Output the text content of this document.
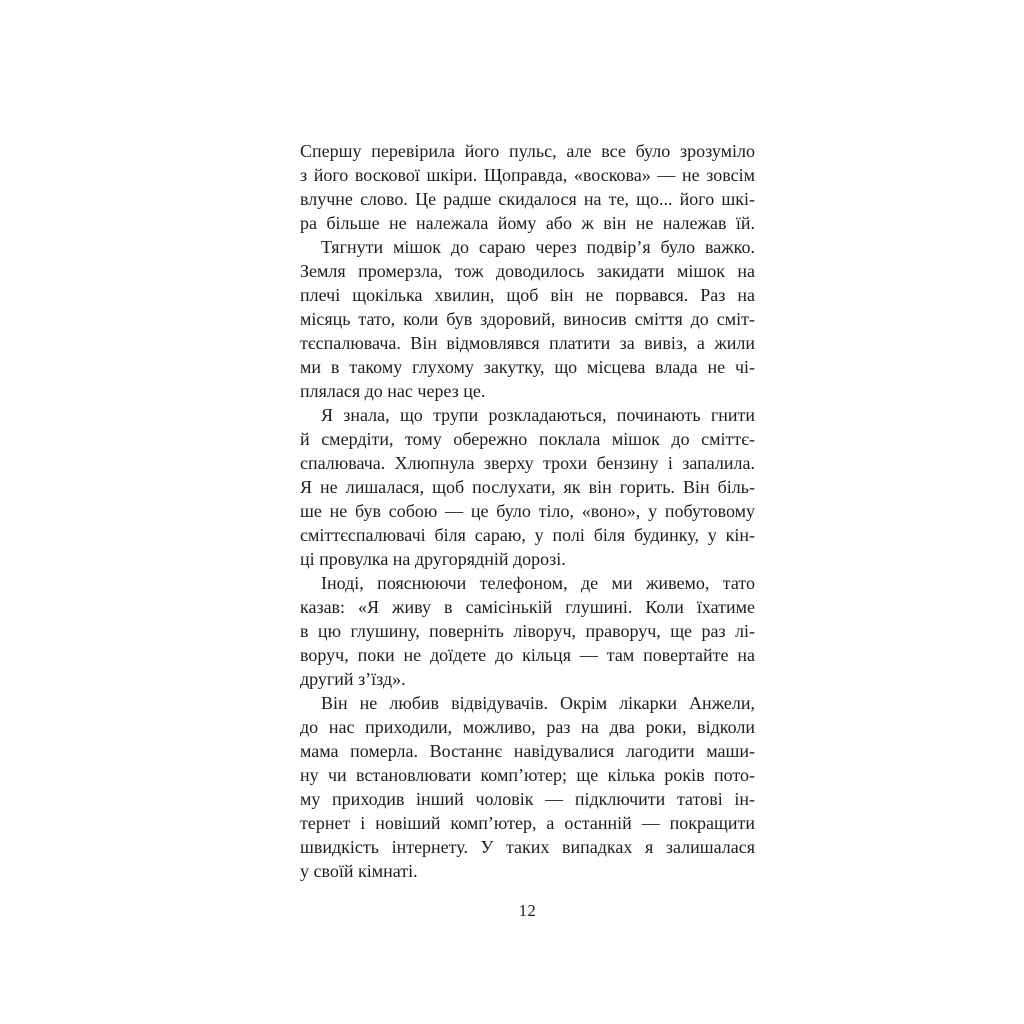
Спершу перевірила його пульс, але все було зрозуміло
з його воскової шкіри. Щоправда, «воскова» — не зовсім
влучне слово. Це радше скидалося на те, що... його шкі-
ра більше не належала йому або ж він не належав їй.
Тягнути мішок до сараю через подвір’я було важко.
Земля промерзла, тож доводилось закидати мішок на
плечі щокілька хвилин, щоб він не порвався. Раз на
місяць тато, коли був здоровий, виносив сміття до сміт-
тєспалювача. Він відмовлявся платити за вивіз, а жили
ми в такому глухому закутку, що місцева влада не чі-
плялася до нас через це.
Я знала, що трупи розкладаються, починають гнити
й смердіти, тому обережно поклала мішок до сміттє-
спалювача. Хлюпнула зверху трохи бензину і запалила.
Я не лишалася, щоб послухати, як він горить. Він біль-
ше не був собою — це було тіло, «воно», у побутовому
сміттєспалювачі біля сараю, у полі біля будинку, у кін-
ці провулка на другорядній дорозі.
Іноді, пояснюючи телефоном, де ми живемо, тато
казав: «Я живу в самісінькій глушині. Коли їхатиме
в цю глушину, поверніть ліворуч, праворуч, ще раз лі-
воруч, поки не доїдете до кільця — там повертайте на
другий з’їзд».
Він не любив відвідувачів. Окрім лікарки Анжели,
до нас приходили, можливо, раз на два роки, відколи
мама померла. Востаннє навідувалися лагодити маши-
ну чи встановлювати комп’ютер; ще кілька років пото-
му приходив інший чоловік — підключити татові ін-
тернет і новіший комп’ютер, а останній — покращити
швидкість інтернету. У таких випадках я залишалася
у своїй кімнаті.
12
